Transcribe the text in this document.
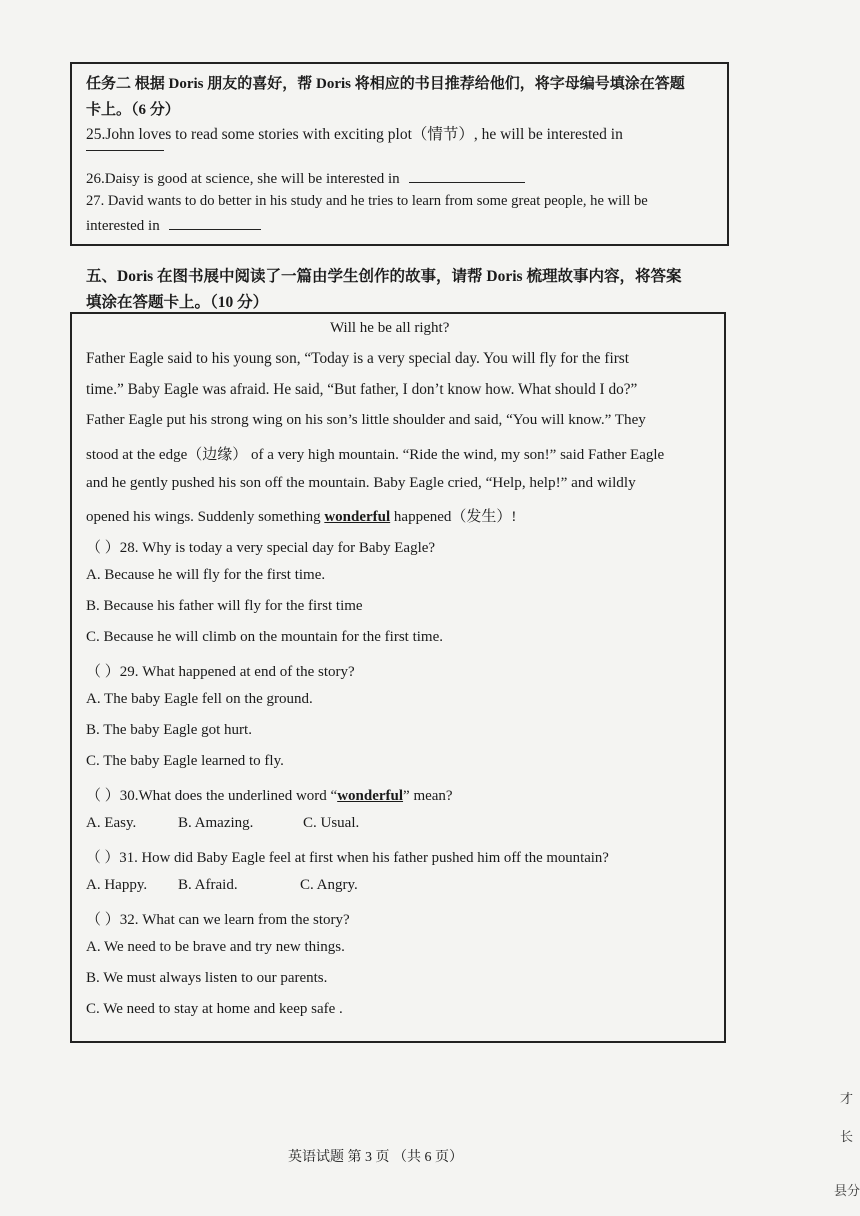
任务二 根据 Doris 朋友的喜好，帮 Doris 将相应的书目推荐给他们，将字母编号填涂在答题
卡上。（6 分）
25.John loves to read some stories with exciting plot（情节）, he will be interested in
26.Daisy is good at science, she will be interested in
27. David wants to do better in his study and he tries to learn from some great people, he will be
interested in
五、Doris 在图书展中阅读了一篇由学生创作的故事，请帮 Doris 梳理故事内容，将答案
填涂在答题卡上。（10 分）
Will he be all right?
Father Eagle said to his young son, “Today is a very special day. You will fly for the first
time.” Baby Eagle was afraid. He said, “But father, I don’t know how. What should I do?”
Father Eagle put his strong wing on his son’s little shoulder and said, “You will know.” They
stood at the edge（边缘） of a very high mountain. “Ride the wind, my son!” said Father Eagle
and he gently pushed his son off the mountain. Baby Eagle cried, “Help, help!” and wildly
opened his wings. Suddenly something wonderful happened（发生）!
（ ）28. Why is today a very special day for Baby Eagle?
A. Because he will fly for the first time.
B. Because his father will fly for the first time
C. Because he will climb on the mountain for the first time.
（ ）29. What happened at end of the story?
A. The baby Eagle fell on the ground.
B. The baby Eagle got hurt.
C. The baby Eagle learned to fly.
（ ）30.What does the underlined word “wonderful” mean?
A. Easy.	B. Amazing.	C. Usual.
（ ）31. How did Baby Eagle feel at first when his father pushed him off the mountain?
A. Happy. B. Afraid.	C. Angry.
（ ）32. What can we learn from the story?
A. We need to be brave and try new things.
B. We must always listen to our parents.
C. We need to stay at home and keep safe .
英语试题 第 3 页 （共 6 页）
才
长
县分
